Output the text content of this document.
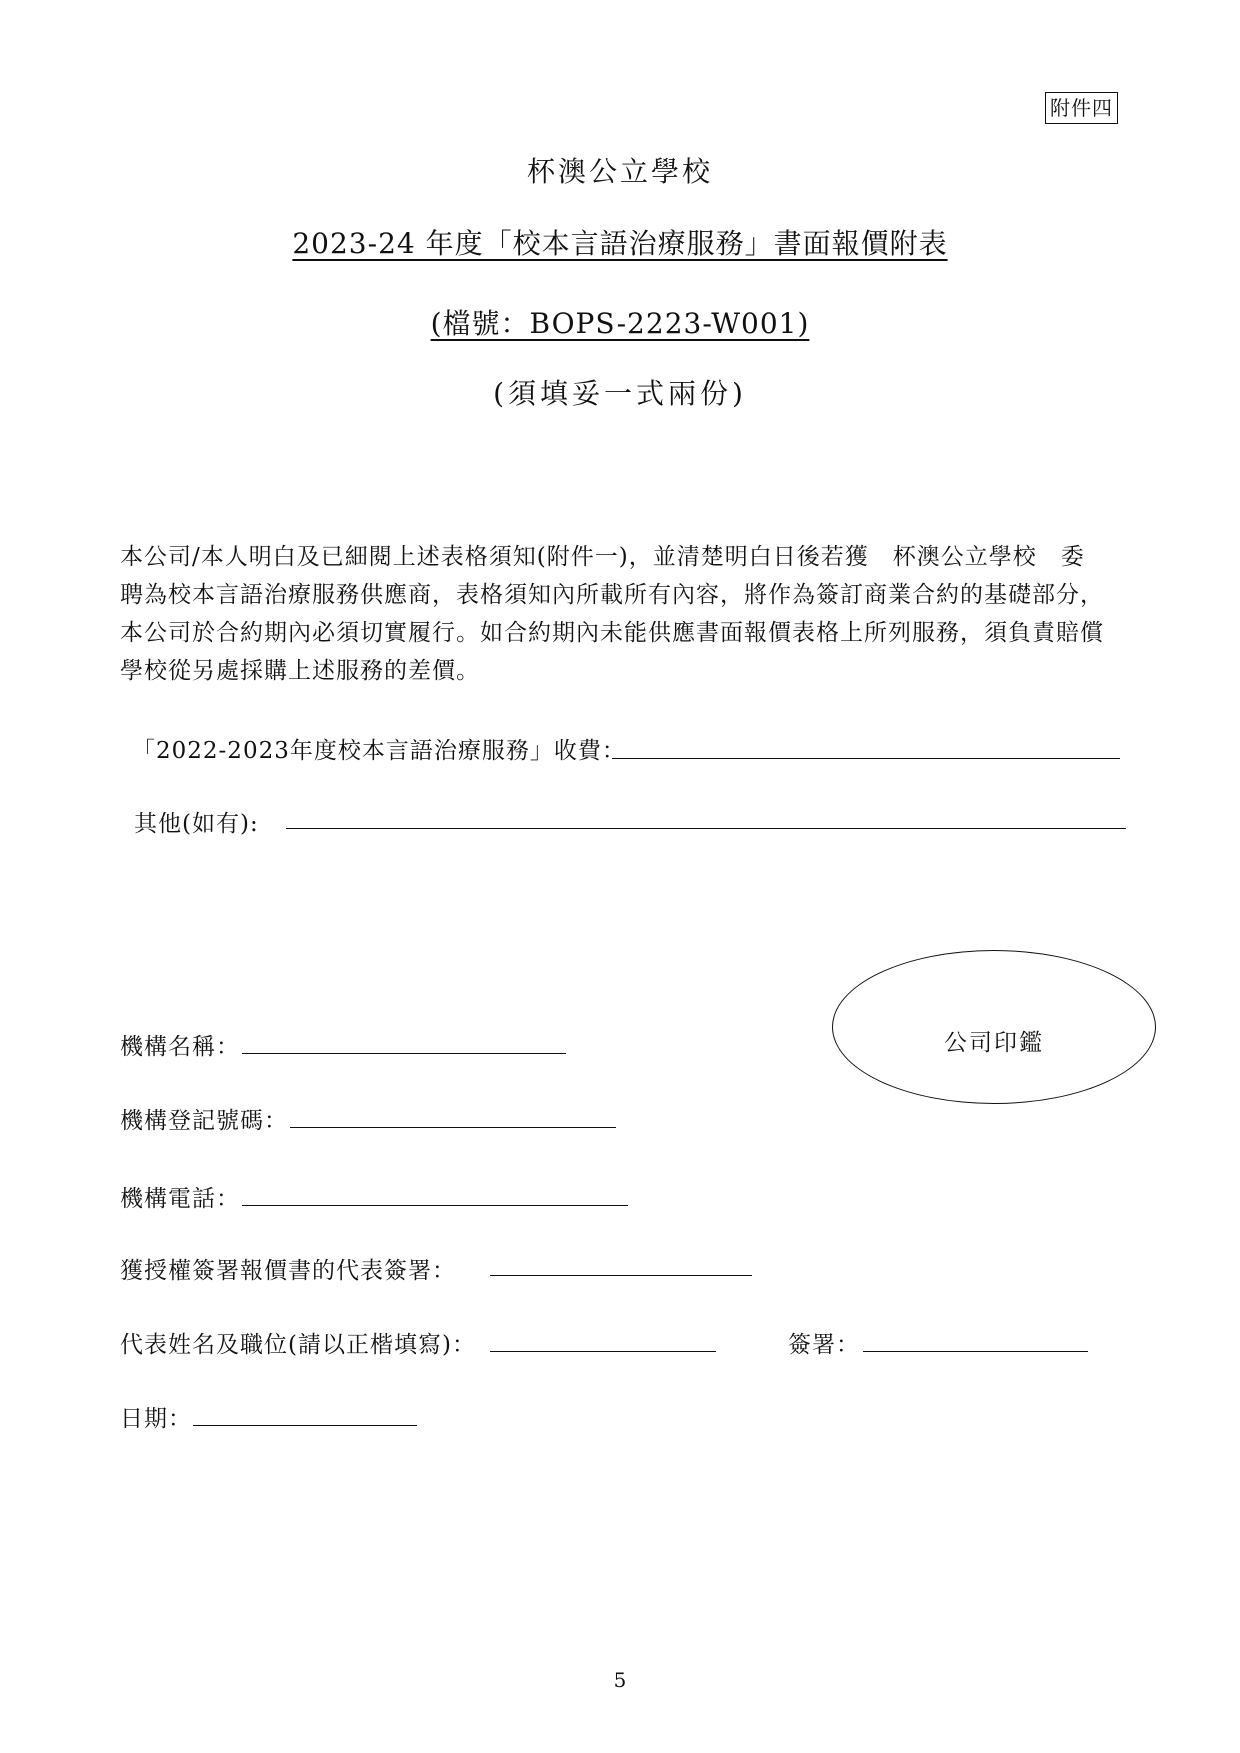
附件四
杯澳公立學校
2023-24 年度「校本言語治療服務」書面報價附表
(檔號：BOPS-2223-W001)
(須填妥一式兩份)
本公司/本人明白及已細閱上述表格須知(附件一)，並清楚明白日後若獲　杯澳公立學校　委
聘為校本言語治療服務供應商，表格須知內所載所有內容，將作為簽訂商業合約的基礎部分，
本公司於合約期內必須切實履行。如合約期內未能供應書面報價表格上所列服務，須負責賠償
學校從另處採購上述服務的差價。
「2022-2023年度校本言語治療服務」收費：
其他(如有):
公司印鑑
機構名稱：
機構登記號碼：
機構電話：
獲授權簽署報價書的代表簽署：
代表姓名及職位(請以正楷填寫)：	簽署：
日期：
5
